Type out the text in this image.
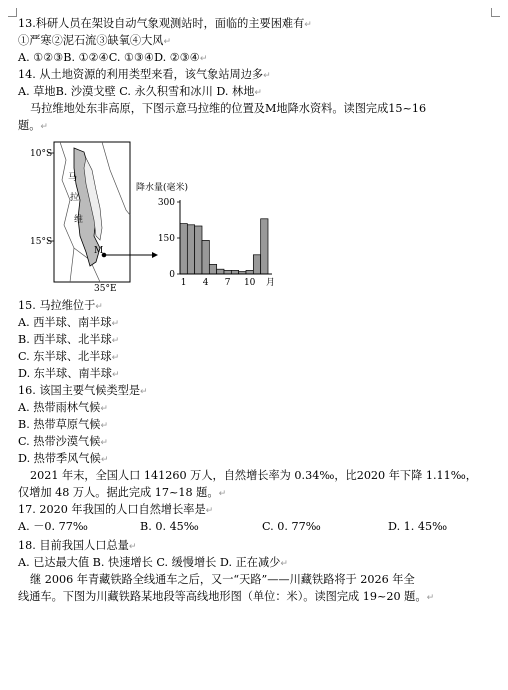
13.科研人员在架设自动气象观测站时，面临的主要困难有↵
①严寒②泥石流③缺氧④大风↵
A. ①②③B. ①②④C. ①③④D. ②③④↵
14. 从土地资源的利用类型来看，该气象站周边多↵
A. 草地B. 沙漠戈壁 C. 永久积雪和冰川 D. 林地↵
马拉维地处东非高原，下图示意马拉维的位置及M地降水资料。读图完成15~16
题。↵
10°S
15°S
35°E
马
拉
维
M
降水量(毫米)
0
150
300
1 4 7 10 月
15. 马拉维位于↵
A. 西半球、南半球↵
B. 西半球、北半球↵
C. 东半球、北半球↵
D. 东半球、南半球↵
16. 该国主要气候类型是↵
A. 热带雨林气候↵
B. 热带草原气候↵
C. 热带沙漠气候↵
D. 热带季风气候↵
2021 年末，全国人口 141260 万人，自然增长率为 0.34‰，比2020 年下降 1.11‰，
仅增加 48 万人。据此完成 17~18 题。↵
17. 2020 年我国的人口自然增长率是↵
A. －0. 77‰	B. 0. 45‰	C. 0. 77‰	D. 1. 45‰
18. 目前我国人口总量↵
A. 已达最大值 B. 快速增长 C. 缓慢增长 D. 正在减少↵
继 2006 年青藏铁路全线通车之后，又一“天路”——川藏铁路将于 2026 年全
线通车。下图为川藏铁路某地段等高线地形图（单位：米）。读图完成 19~20 题。↵
